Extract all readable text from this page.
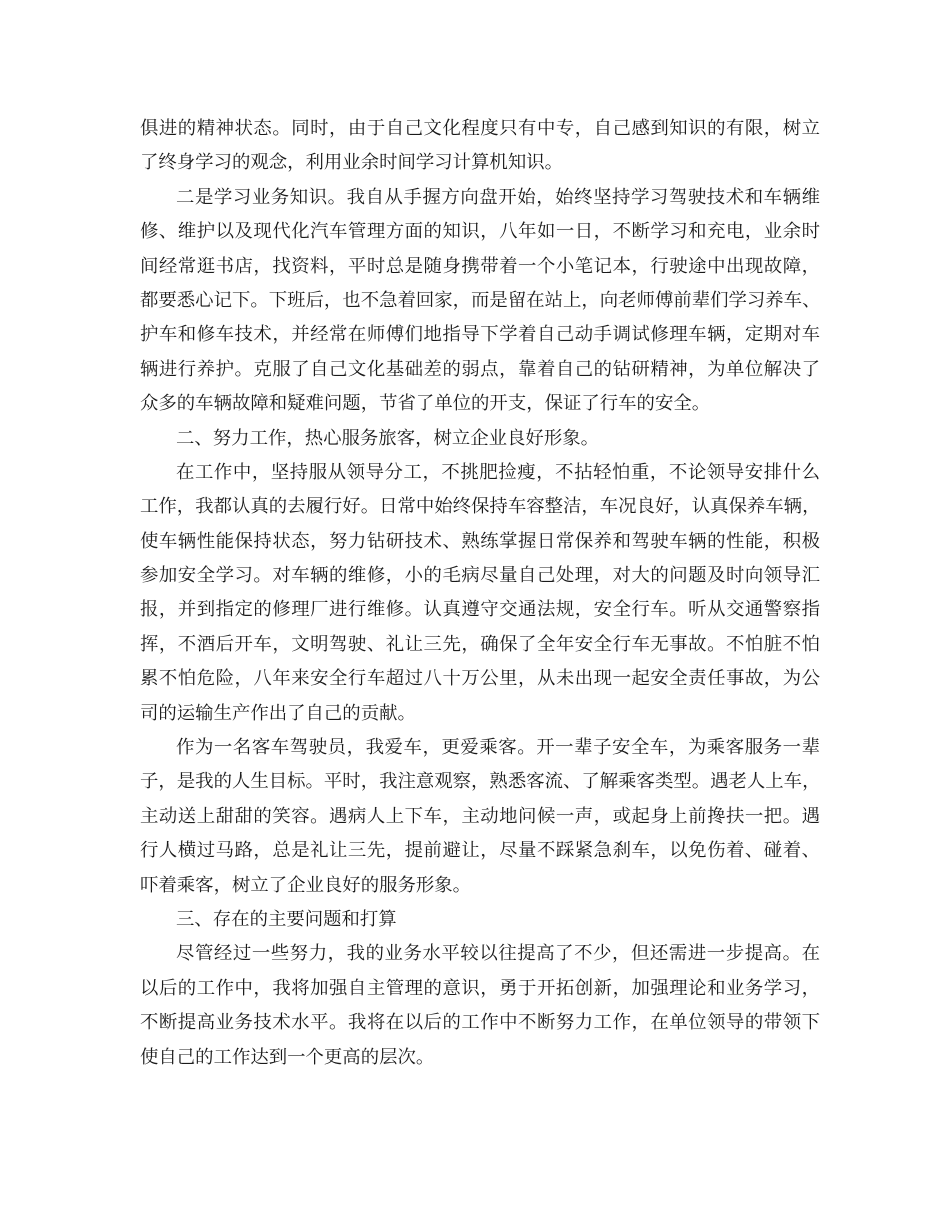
俱进的精神状态。同时，由于自己文化程度只有中专，自己感到知识的有限，树立
了终身学习的观念，利用业余时间学习计算机知识。
二是学习业务知识。我自从手握方向盘开始，始终坚持学习驾驶技术和车辆维
修、维护以及现代化汽车管理方面的知识，八年如一日，不断学习和充电，业余时
间经常逛书店，找资料，平时总是随身携带着一个小笔记本，行驶途中出现故障，
都要悉心记下。下班后，也不急着回家，而是留在站上，向老师傅前辈们学习养车、
护车和修车技术，并经常在师傅们地指导下学着自己动手调试修理车辆，定期对车
辆进行养护。克服了自己文化基础差的弱点，靠着自己的钻研精神，为单位解决了
众多的车辆故障和疑难问题，节省了单位的开支，保证了行车的安全。
二、努力工作，热心服务旅客，树立企业良好形象。
在工作中，坚持服从领导分工，不挑肥捡瘦，不拈轻怕重，不论领导安排什么
工作，我都认真的去履行好。日常中始终保持车容整洁，车况良好，认真保养车辆，
使车辆性能保持状态，努力钻研技术、熟练掌握日常保养和驾驶车辆的性能，积极
参加安全学习。对车辆的维修，小的毛病尽量自己处理，对大的问题及时向领导汇
报，并到指定的修理厂进行维修。认真遵守交通法规，安全行车。听从交通警察指
挥，不酒后开车，文明驾驶、礼让三先，确保了全年安全行车无事故。不怕脏不怕
累不怕危险，八年来安全行车超过八十万公里，从未出现一起安全责任事故，为公
司的运输生产作出了自己的贡献。
作为一名客车驾驶员，我爱车，更爱乘客。开一辈子安全车，为乘客服务一辈
子，是我的人生目标。平时，我注意观察，熟悉客流、了解乘客类型。遇老人上车，
主动送上甜甜的笑容。遇病人上下车，主动地问候一声，或起身上前搀扶一把。遇
行人横过马路，总是礼让三先，提前避让，尽量不踩紧急刹车，以免伤着、碰着、
吓着乘客，树立了企业良好的服务形象。
三、存在的主要问题和打算
尽管经过一些努力，我的业务水平较以往提高了不少，但还需进一步提高。在
以后的工作中，我将加强自主管理的意识，勇于开拓创新，加强理论和业务学习，
不断提高业务技术水平。我将在以后的工作中不断努力工作，在单位领导的带领下
使自己的工作达到一个更高的层次。
